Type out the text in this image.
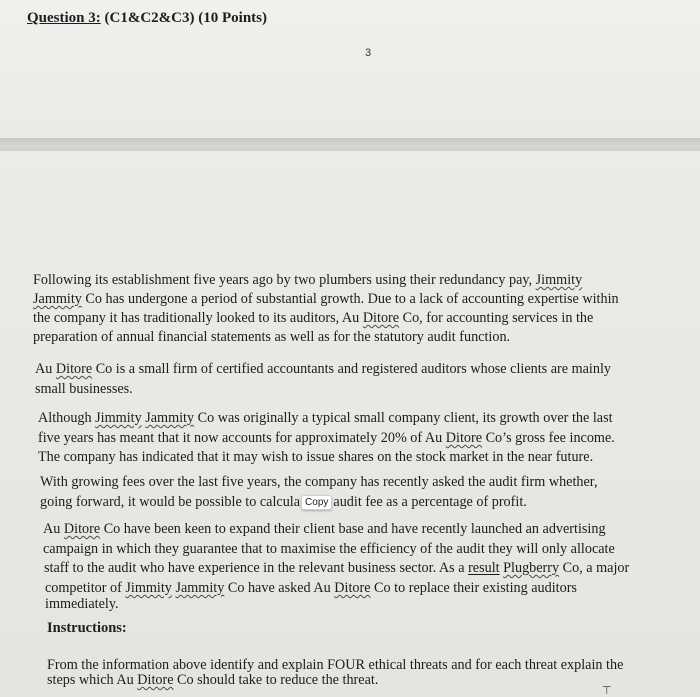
Question 3: (C1&C2&C3) (10 Points)
3
Following its establishment five years ago by two plumbers using their redundancy pay, Jimmity
Jammity Co has undergone a period of substantial growth. Due to a lack of accounting expertise within
the company it has traditionally looked to its auditors, Au Ditore Co, for accounting services in the
preparation of annual financial statements as well as for the statutory audit function.
Au Ditore Co is a small firm of certified accountants and registered auditors whose clients are mainly
small businesses.
Although Jimmity Jammity Co was originally a typical small company client, its growth over the last
five years has meant that it now accounts for approximately 20% of Au Ditore Co’s gross fee income.
The company has indicated that it may wish to issue shares on the stock market in the near future.
With growing fees over the last five years, the company has recently asked the audit firm whether,
going forward, it would be possible to calcula Copy audit fee as a percentage of profit.
Au Ditore Co have been keen to expand their client base and have recently launched an advertising
campaign in which they guarantee that to maximise the efficiency of the audit they will only allocate
staff to the audit who have experience in the relevant business sector. As a result Plugberry Co, a major
competitor of Jimmity Jammity Co have asked Au Ditore Co to replace their existing auditors
immediately.
Instructions:
From the information above identify and explain FOUR ethical threats and for each threat explain the
steps which Au Ditore Co should take to reduce the threat.
⊤
